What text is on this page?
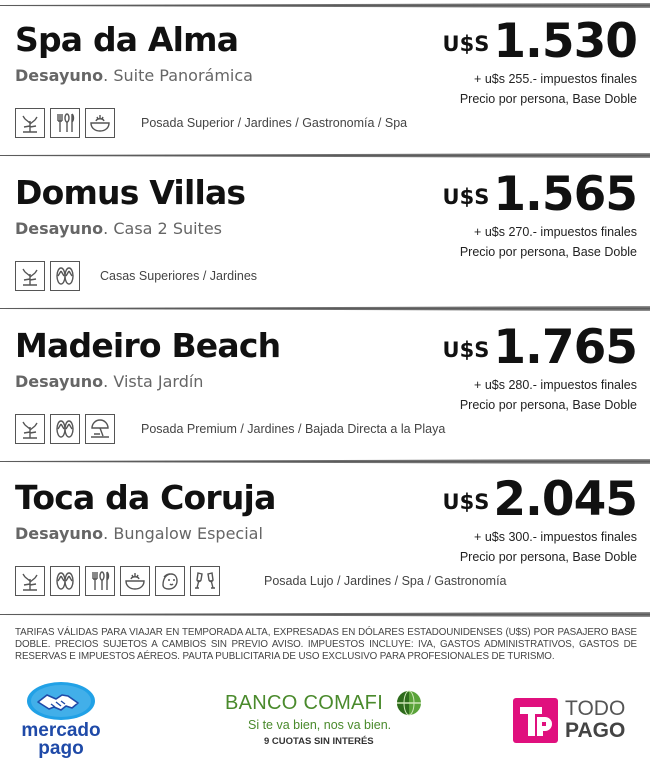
Spa da Alma
Desayuno. Suite Panorámica
U$S1.530
+ u$s 255.- impuestos finales
Precio por persona, Base Doble
Posada Superior / Jardines / Gastronomía / Spa
Domus Villas
Desayuno. Casa 2 Suites
U$S1.565
+ u$s 270.- impuestos finales
Precio por persona, Base Doble
Casas Superiores / Jardines
Madeiro Beach
Desayuno. Vista Jardín
U$S1.765
+ u$s 280.- impuestos finales
Precio por persona, Base Doble
Posada Premium / Jardines / Bajada Directa a la Playa
Toca da Coruja
Desayuno. Bungalow Especial
U$S2.045
+ u$s 300.- impuestos finales
Precio por persona, Base Doble
Posada Lujo / Jardines / Spa / Gastronomía
TARIFAS VÁLIDAS PARA VIAJAR EN TEMPORADA ALTA, EXPRESADAS EN DÓLARES ESTADOUNIDENSES (U$S) POR PASAJERO BASE DOBLE. PRECIOS SUJETOS A CAMBIOS SIN PREVIO AVISO. IMPUESTOS INCLUYE: IVA, GASTOS ADMINISTRATIVOS, GASTOS DE RESERVAS E IMPUESTOS AÉREOS. PAUTA PUBLICITARIA DE USO EXCLUSIVO PARA PROFESIONALES DE TURISMO.
mercado
pago
BANCO COMAFI
Si te va bien, nos va bien.
9 CUOTAS SIN INTERÉS
TODO
PAGO
